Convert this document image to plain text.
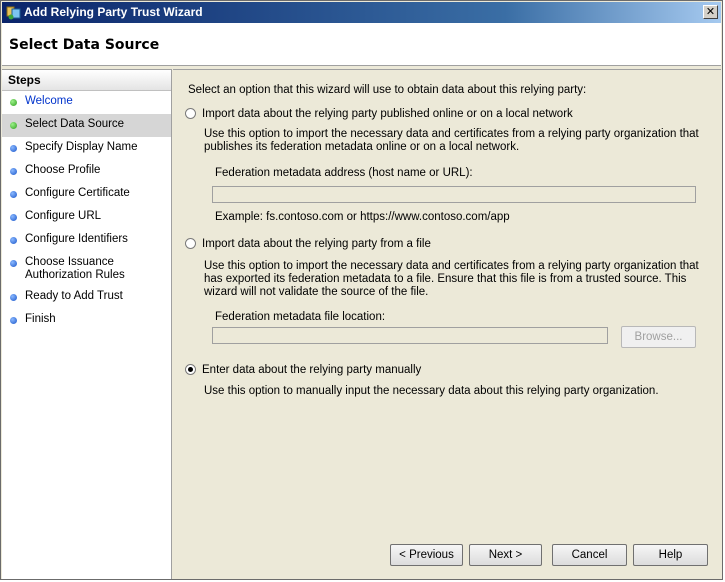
Add Relying Party Trust Wizard	✕
Select Data Source
Steps
Welcome
Select Data Source
Specify Display Name
Choose Profile
Configure Certificate
Configure URL
Configure Identifiers
Choose Issuance Authorization Rules
Ready to Add Trust
Finish
Select an option that this wizard will use to obtain data about this relying party:
Import data about the relying party published online or on a local network
Use this option to import the necessary data and certificates from a relying party organization that publishes its federation metadata online or on a local network.
Federation metadata address (host name or URL):
Example: fs.contoso.com or https://www.contoso.com/app
Import data about the relying party from a file
Use this option to import the necessary data and certificates from a relying party organization that has exported its federation metadata to a file. Ensure that this file is from a trusted source. This wizard will not validate the source of the file.
Federation metadata file location:
Browse...
Enter data about the relying party manually
Use this option to manually input the necessary data about this relying party organization.
< Previous	Next >	Cancel	Help
